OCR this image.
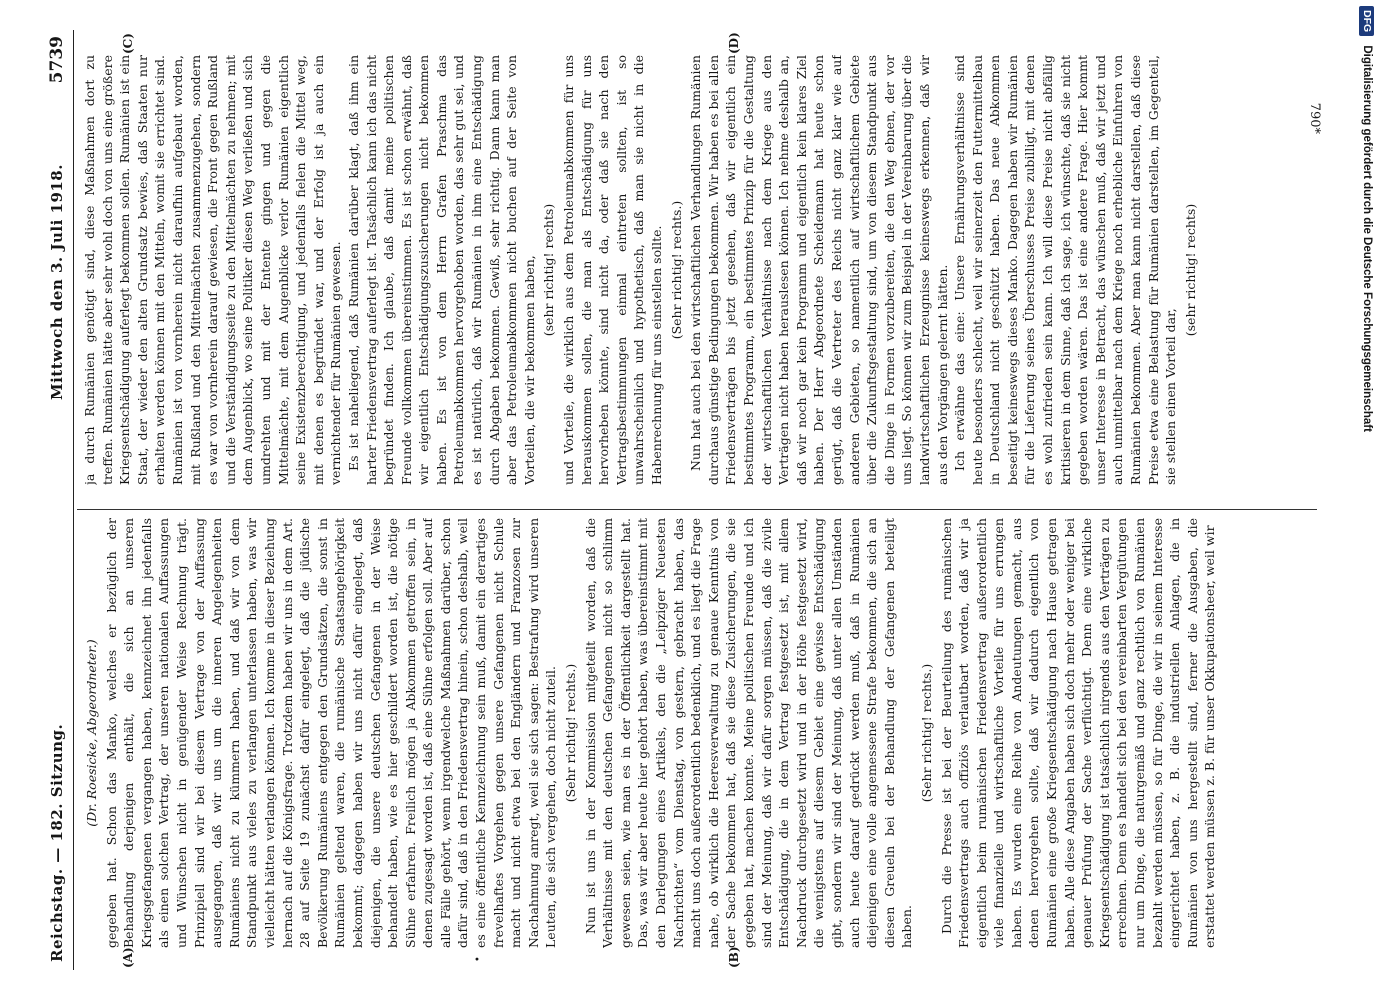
Reichstag. — 182. Sitzung.
Mittwoch den 3. Juli 1918.
5739
(A)	(B)
(C)	(D)
•

(Dr. Roesicke, Abgeordneter.) gegeben hat. Schon das Manko, welches er bezüglich der Behandlung derjenigen enthält, die sich an unseren Kriegsgefangenen vergangen haben, kennzeichnet ihn jedenfalls als einen solchen Vertrag, der unseren nationalen Auffassungen und Wünschen nicht in genügender Weise Rechnung trägt. Prinzipiell sind wir bei diesem Vertrage von der Auffassung ausgegangen, daß wir uns um die inneren Angelegenheiten Rumäniens nicht zu kümmern haben, und daß wir von dem Standpunkt aus vieles zu verlangen unterlassen haben, was wir vielleicht hätten verlangen können. Ich komme in dieser Beziehung hernach auf die Königsfrage. Trotzdem haben wir uns in dem Art. 28 auf Seite 19 zunächst dafür eingelegt, daß die jüdische Bevölkerung Rumäniens entgegen den Grundsätzen, die sonst in Rumänien geltend waren, die rumänische Staatsangehörigkeit bekommt; dagegen haben wir uns nicht dafür eingelegt, daß diejenigen, die unsere deutschen Gefangenen in der Weise behandelt haben, wie es hier geschildert worden ist, die nötige Sühne erfahren. Freilich mögen ja Abkommen getroffen sein, in denen zugesagt worden ist, daß eine Sühne erfolgen soll. Aber auf alle Fälle gehört, wenn irgendwelche Maßnahmen darüber, schon dafür sind, daß in den Friedensvertrag hinein, schon deshalb, weil es eine öffentliche Kennzeichnung sein muß, damit ein derartiges frevelhaftes Vorgehen gegen unsere Gefangenen nicht Schule macht und nicht etwa bei den Engländern und Franzosen zur Nachahmung anregt, weil sie sich sagen: Bestrafung wird unseren Leuten, die sich vergehen, doch nicht zuteil. (Sehr richtig! rechts.) Nun ist uns in der Kommission mitgeteilt worden, daß die Verhältnisse mit den deutschen Gefangenen nicht so schlimm gewesen seien, wie man es in der Öffentlichkeit dargestellt hat. Das, was wir aber heute hier gehört haben, was übereinstimmt mit den Darlegungen eines Artikels, den die „Leipziger Neuesten Nachrichten“ vom Dienstag, von gestern, gebracht haben, das macht uns doch außerordentlich bedenklich, und es liegt die Frage nahe, ob wirklich die Heeresverwaltung zu genaue Kenntnis von der Sache bekommen hat, daß sie diese Zusicherungen, die sie gegeben hat, machen konnte. Meine politischen Freunde und ich sind der Meinung, daß wir dafür sorgen müssen, daß die zivile Entschädigung, die in dem Vertrag festgesetzt ist, mit allem Nachdruck durchgesetzt wird und in der Höhe festgesetzt wird, die wenigstens auf diesem Gebiet eine gewisse Entschädigung gibt, sondern wir sind der Meinung, daß unter allen Umständen auch heute darauf gedrückt werden muß, daß in Rumänien diejenigen eine volle angemessene Strafe bekommen, die sich an diesen Greueln bei der Behandlung der Gefangenen beteiligt haben.

(Sehr richtig! rechts.) Durch die Presse ist bei der Beurteilung des rumänischen Friedensvertrags auch offiziös verlautbart worden, daß wir ja eigentlich beim rumänischen Friedensvertrag außerordentlich viele finanzielle und wirtschaftliche Vorteile für uns errungen haben. Es wurden eine Reihe von Andeutungen gemacht, aus denen hervorgehen sollte, daß wir dadurch eigentlich von Rumänien eine große Kriegsentschädigung nach Hause getragen haben. Alle diese Angaben haben sich doch mehr oder weniger bei genauer Prüfung der Sache verflüchtigt. Denn eine wirkliche Kriegsentschädigung ist tatsächlich nirgends aus den Verträgen zu errechnen. Denn es handelt sich bei den vereinbarten Vergütungen nur um Dinge, die naturgemäß und ganz rechtlich von Rumänien bezahlt werden müssen, so für Dinge, die wir in seinem Interesse eingerichtet haben, z. B. die industriellen Anlagen, die in Rumänien von uns hergestellt sind, ferner die Ausgaben, die erstattet werden müssen z. B. für unser Okkupationsheer, weil wir

ja durch Rumänien genötigt sind, diese Maßnahmen dort zu treffen. Rumänien hätte aber sehr wohl doch von uns eine größere Kriegsentschädigung auferlegt bekommen sollen. Rumänien ist ein Staat, der wieder den alten Grundsatz bewies, daß Staaten nur erhalten werden können mit den Mitteln, womit sie errichtet sind. Rumänien ist von vornherein nicht daraufhin aufgebaut worden, mit Rußland und den Mittelmächten zusammenzugehen, sondern es war von vornherein darauf gewiesen, die Front gegen Rußland und die Verständigungsseite zu den Mittelmächten zu nehmen; mit dem Augenblick, wo seine Politiker diesen Weg verließen und sich umdrehten und mit der Entente gingen und gegen die Mittelmächte, mit dem Augenblicke verlor Rumänien eigentlich seine Existenzberechtigung, und jedenfalls fielen die Mittel weg, mit denen es begründet war, und der Erfolg ist ja auch ein vernichtender für Rumänien gewesen. Es ist naheliegend, daß Rumänien darüber klagt, daß ihm ein harter Friedensvertrag auferlegt ist. Tatsächlich kann ich das nicht begründet finden. Ich glaube, daß damit meine politischen Freunde vollkommen übereinstimmen. Es ist schon erwähnt, daß wir eigentlich Entschädigungszusicherungen nicht bekommen haben. Es ist von dem Herrn Grafen Praschma das Petroleumabkommen hervorgehoben worden, das sehr gut sei, und es ist natürlich, daß wir Rumänien in ihm eine Entschädigung durch Abgaben bekommen. Gewiß, sehr richtig. Dann kann man aber das Petroleumabkommen nicht buchen auf der Seite von Vorteilen, die wir bekommen haben, (sehr richtig! rechts) und Vorteile, die wirklich aus dem Petroleumabkommen für uns herauskommen sollen, die man als Entschädigung für uns hervorheben könnte, sind nicht da, oder daß sie nach den Vertragsbestimmungen einmal eintreten sollten, ist so unwahrscheinlich und hypothetisch, daß man sie nicht in die Habenrechnung für uns einstellen sollte. (Sehr richtig! rechts.) Nun hat auch bei den wirtschaftlichen Verhandlungen Rumänien durchaus günstige Bedingungen bekommen. Wir haben es bei allen Friedensverträgen bis jetzt gesehen, daß wir eigentlich ein bestimmtes Programm, ein bestimmtes Prinzip für die Gestaltung der wirtschaftlichen Verhältnisse nach dem Kriege aus den Verträgen nicht haben herauslesen können. Ich nehme deshalb an, daß wir noch gar kein Programm und eigentlich kein klares Ziel haben. Der Herr Abgeordnete Scheidemann hat heute schon gerügt, daß die Vertreter des Reichs nicht ganz klar wie auf anderen Gebieten, so namentlich auf wirtschaftlichem Gebiete über die Zukunftsgestaltung sind, um von diesem Standpunkt aus die Dinge in Formen vorzubereiten, die den Weg ebnen, der vor uns liegt. So können wir zum Beispiel in der Vereinbarung über die landwirtschaftlichen Erzeugnisse keineswegs erkennen, daß wir aus den Vorgängen gelernt hätten. Ich erwähne das eine: Unsere Ernährungsverhältnisse sind heute besonders schlecht, weil wir seinerzeit den Futtermittelbau in Deutschland nicht geschützt haben. Das neue Abkommen beseitigt keineswegs dieses Manko. Dagegen haben wir Rumänien für die Lieferung seines Überschusses Preise zubilligt, mit denen es wohl zufrieden sein kann. Ich will diese Preise nicht abfällig kritisieren in dem Sinne, daß ich sage, ich wünschte, daß sie nicht gegeben worden wären. Das ist eine andere Frage. Hier kommt unser Interesse in Betracht, das wünschen muß, daß wir jetzt und auch unmittelbar nach dem Kriege noch erhebliche Einfuhren von Rumänien bekommen. Aber man kann nicht darstellen, daß diese Preise etwa eine Belastung für Rumänien darstellen, im Gegenteil, sie stellen einen Vorteil dar,

(sehr richtig! rechts)

790*
DFG Digitalisierung gefördert durch die Deutsche Forschungsgemeinschaft
